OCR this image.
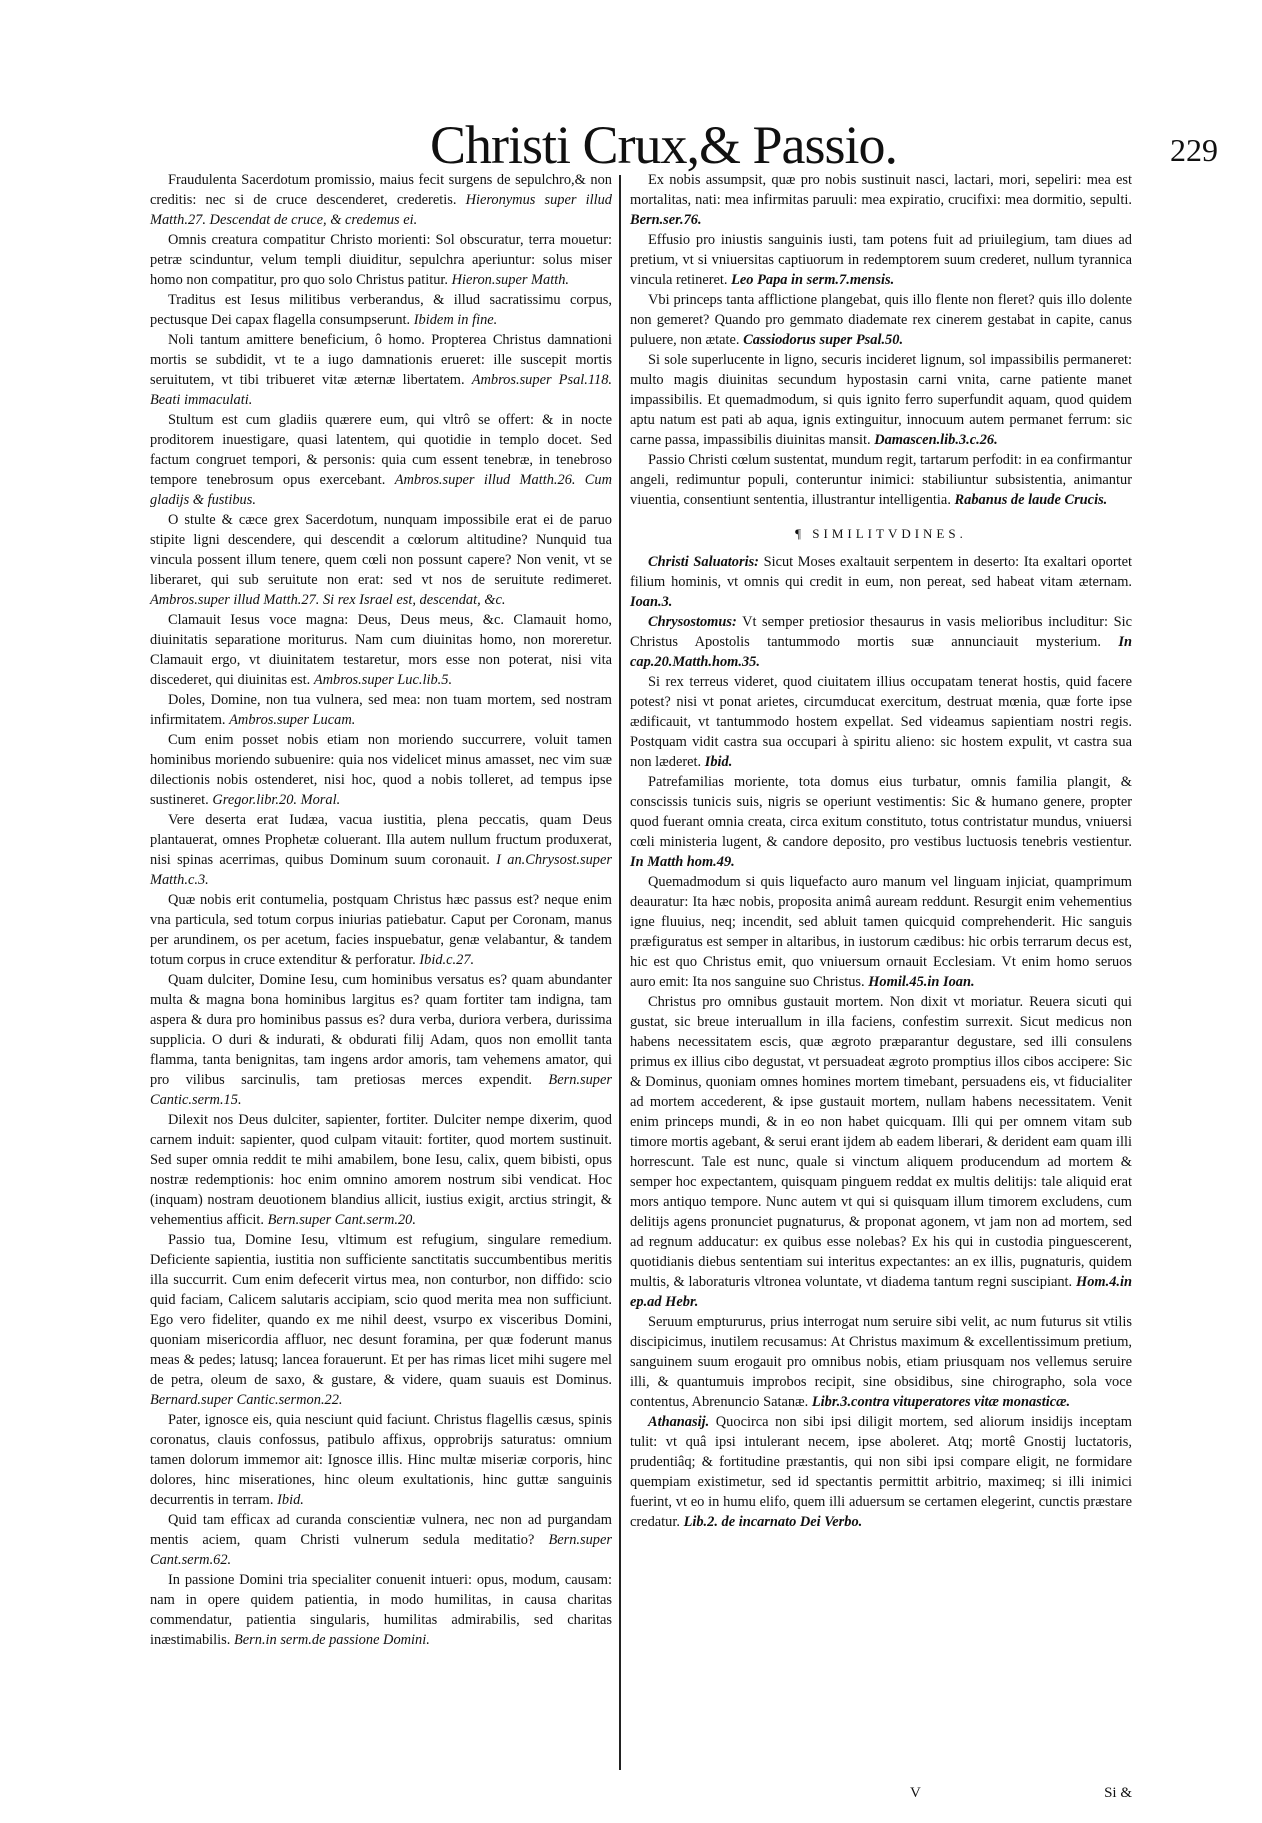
Christi Crux,& Passio.	229

Fraudulenta Sacerdotum promissio, maius fecit surgens de sepulchro,& non creditis: nec si de cruce descenderet, crederetis. Hieronymus super illud Matth.27. Descendat de cruce, & credemus ei.

Omnis creatura compatitur Christo morienti: Sol obscuratur, terra mouetur: petræ scinduntur, velum templi diuiditur, sepulchra aperiuntur: solus miser homo non compatitur, pro quo solo Christus patitur. Hieron.super Matth.

Traditus est Iesus militibus verberandus, & illud sacratissimu corpus, pectusque Dei capax flagella consumpserunt. Ibidem in fine.

Noli tantum amittere beneficium, ô homo. Propterea Christus damnationi mortis se subdidit, vt te a iugo damnationis erueret: ille suscepit mortis seruitutem, vt tibi tribueret vitæ æternæ libertatem. Ambros.super Psal.118. Beati immaculati.

Stultum est cum gladiis quærere eum, qui vltrô se offert: & in nocte proditorem inuestigare, quasi latentem, qui quotidie in templo docet. Sed factum congruet tempori, & personis: quia cum essent tenebræ, in tenebroso tempore tenebrosum opus exercebant. Ambros.super illud Matth.26. Cum gladijs & fustibus.

O stulte & cæce grex Sacerdotum, nunquam impossibile erat ei de paruo stipite ligni descendere, qui descendit a cœlorum altitudine? Nunquid tua vincula possent illum tenere, quem cœli non possunt capere? Non venit, vt se liberaret, qui sub seruitute non erat: sed vt nos de seruitute redimeret. Ambros.super illud Matth.27. Si rex Israel est, descendat, &c.

Clamauit Iesus voce magna: Deus, Deus meus, &c. Clamauit homo, diuinitatis separatione moriturus. Nam cum diuinitas homo, non moreretur. Clamauit ergo, vt diuinitatem testaretur, mors esse non poterat, nisi vita discederet, qui diuinitas est. Ambros.super Luc.lib.5.

Doles, Domine, non tua vulnera, sed mea: non tuam mortem, sed nostram infirmitatem. Ambros.super Lucam.

Cum enim posset nobis etiam non moriendo succurrere, voluit tamen hominibus moriendo subuenire: quia nos videlicet minus amasset, nec vim suæ dilectionis nobis ostenderet, nisi hoc, quod a nobis tolleret, ad tempus ipse sustineret. Gregor.libr.20. Moral.

Vere deserta erat Iudæa, vacua iustitia, plena peccatis, quam Deus plantauerat, omnes Prophetæ coluerant. Illa autem nullum fructum produxerat, nisi spinas acerrimas, quibus Dominum suum coronauit. I an.Chrysost.super Matth.c.3.

Quæ nobis erit contumelia, postquam Christus hæc passus est? neque enim vna particula, sed totum corpus iniurias patiebatur. Caput per Coronam, manus per arundinem, os per acetum, facies inspuebatur, genæ velabantur, & tandem totum corpus in cruce extenditur & perforatur. Ibid.c.27.

Quam dulciter, Domine Iesu, cum hominibus versatus es? quam abundanter multa & magna bona hominibus largitus es? quam fortiter tam indigna, tam aspera & dura pro hominibus passus es? dura verba, duriora verbera, durissima supplicia. O duri & indurati, & obdurati filij Adam, quos non emollit tanta flamma, tanta benignitas, tam ingens ardor amoris, tam vehemens amator, qui pro vilibus sarcinulis, tam pretiosas merces expendit. Bern.super Cantic.serm.15.

Dilexit nos Deus dulciter, sapienter, fortiter. Dulciter nempe dixerim, quod carnem induit: sapienter, quod culpam vitauit: fortiter, quod mortem sustinuit. Sed super omnia reddit te mihi amabilem, bone Iesu, calix, quem bibisti, opus nostræ redemptionis: hoc enim omnino amorem nostrum sibi vendicat. Hoc (inquam) nostram deuotionem blandius allicit, iustius exigit, arctius stringit, & vehementius afficit. Bern.super Cant.serm.20.

Passio tua, Domine Iesu, vltimum est refugium, singulare remedium. Deficiente sapientia, iustitia non sufficiente sanctitatis succumbentibus meritis illa succurrit. Cum enim defecerit virtus mea, non conturbor, non diffido: scio quid faciam, Calicem salutaris accipiam, scio quod merita mea non sufficiunt. Ego vero fideliter, quando ex me nihil deest, vsurpo ex visceribus Domini, quoniam misericordia affluor, nec desunt foramina, per quæ foderunt manus meas & pedes; latusq; lancea forauerunt. Et per has rimas licet mihi sugere mel de petra, oleum de saxo, & gustare, & videre, quam suauis est Dominus. Bernard.super Cantic.sermon.22.

Pater, ignosce eis, quia nesciunt quid faciunt. Christus flagellis cæsus, spinis coronatus, clauis confossus, patibulo affixus, opprobrijs saturatus: omnium tamen dolorum immemor ait: Ignosce illis. Hinc multæ miseriæ corporis, hinc dolores, hinc miserationes, hinc oleum exultationis, hinc guttæ sanguinis decurrentis in terram. Ibid.

Quid tam efficax ad curanda conscientiæ vulnera, nec non ad purgandam mentis aciem, quam Christi vulnerum sedula meditatio? Bern.super Cant.serm.62.

In passione Domini tria specialiter conuenit intueri: opus, modum, causam: nam in opere quidem patientia, in modo humilitas, in causa charitas commendatur, patientia singularis, humilitas admirabilis, sed charitas inæstimabilis. Bern.in serm.de passione Domini.

Ex nobis assumpsit, quæ pro nobis sustinuit nasci, lactari, mori, sepeliri: mea est mortalitas, nati: mea infirmitas paruuli: mea expiratio, crucifixi: mea dormitio, sepulti. Bern.ser.76.

Effusio pro iniustis sanguinis iusti, tam potens fuit ad priuilegium, tam diues ad pretium, vt si vniuersitas captiuorum in redemptorem suum crederet, nullum tyrannica vincula retineret. Leo Papa in serm.7.mensis.

Vbi princeps tanta afflictione plangebat, quis illo flente non fleret? quis illo dolente non gemeret? Quando pro gemmato diademate rex cinerem gestabat in capite, canus puluere, non ætate. Cassiodorus super Psal.50.

Si sole superlucente in ligno, securis incideret lignum, sol impassibilis permaneret: multo magis diuinitas secundum hypostasin carni vnita, carne patiente manet impassibilis. Et quemadmodum, si quis ignito ferro superfundit aquam, quod quidem aptu natum est pati ab aqua, ignis extinguitur, innocuum autem permanet ferrum: sic carne passa, impassibilis diuinitas mansit. Damascen.lib.3.c.26.

Passio Christi cœlum sustentat, mundum regit, tartarum perfodit: in ea confirmantur angeli, redimuntur populi, conteruntur inimici: stabiliuntur subsistentia, animantur viuentia, consentiunt sententia, illustrantur intelligentia. Rabanus de laude Crucis.

¶ SIMILITVDINES.

Christi Saluatoris: Sicut Moses exaltauit serpentem in deserto: Ita exaltari oportet filium hominis, vt omnis qui credit in eum, non pereat, sed habeat vitam æternam. Ioan.3.

Chrysostomus: Vt semper pretiosior thesaurus in vasis melioribus includitur: Sic Christus Apostolis tantummodo mortis suæ annunciauit mysterium. In cap.20.Matth.hom.35.

Si rex terreus videret, quod ciuitatem illius occupatam tenerat hostis, quid facere potest? nisi vt ponat arietes, circumducat exercitum, destruat mœnia, quæ forte ipse ædificauit, vt tantummodo hostem expellat. Sed videamus sapientiam nostri regis. Postquam vidit castra sua occupari à spiritu alieno: sic hostem expulit, vt castra sua non læderet. Ibid.

Patrefamilias moriente, tota domus eius turbatur, omnis familia plangit, & conscissis tunicis suis, nigris se operiunt vestimentis: Sic & humano genere, propter quod fuerant omnia creata, circa exitum constituto, totus contristatur mundus, vniuersi cœli ministeria lugent, & candore deposito, pro vestibus luctuosis tenebris vestientur. In Matth hom.49.

Quemadmodum si quis liquefacto auro manum vel linguam injiciat, quamprimum deauratur: Ita hæc nobis, proposita animâ auream reddunt. Resurgit enim vehementius igne fluuius, neq; incendit, sed abluit tamen quicquid comprehenderit. Hic sanguis præfiguratus est semper in altaribus, in iustorum cædibus: hic orbis terrarum decus est, hic est quo Christus emit, quo vniuersum ornauit Ecclesiam. Vt enim homo seruos auro emit: Ita nos sanguine suo Christus. Homil.45.in Ioan.

Christus pro omnibus gustauit mortem. Non dixit vt moriatur. Reuera sicuti qui gustat, sic breue interuallum in illa faciens, confestim surrexit. Sicut medicus non habens necessitatem escis, quæ ægroto præparantur degustare, sed illi consulens primus ex illius cibo degustat, vt persuadeat ægroto promptius illos cibos accipere: Sic & Dominus, quoniam omnes homines mortem timebant, persuadens eis, vt fiducialiter ad mortem accederent, & ipse gustauit mortem, nullam habens necessitatem. Venit enim princeps mundi, & in eo non habet quicquam. Illi qui per omnem vitam sub timore mortis agebant, & serui erant ijdem ab eadem liberari, & derident eam quam illi horrescunt. Tale est nunc, quale si vinctum aliquem producendum ad mortem & semper hoc expectantem, quisquam pinguem reddat ex multis delitijs: tale aliquid erat mors antiquo tempore. Nunc autem vt qui si quisquam illum timorem excludens, cum delitijs agens pronunciet pugnaturus, & proponat agonem, vt jam non ad mortem, sed ad regnum adducatur: ex quibus esse nolebas? Ex his qui in custodia pinguescerent, quotidianis diebus sententiam sui interitus expectantes: an ex illis, pugnaturis, quidem multis, & laboraturis vltronea voluntate, vt diadema tantum regni suscipiant. Hom.4.in ep.ad Hebr.

Seruum emptururus, prius interrogat num seruire sibi velit, ac num futurus sit vtilis discipicimus, inutilem recusamus: At Christus maximum & excellentissimum pretium, sanguinem suum erogauit pro omnibus nobis, etiam priusquam nos vellemus seruire illi, & quantumuis improbos recipit, sine obsidibus, sine chirographo, sola voce contentus, Abrenuncio Satanæ. Libr.3.contra vituperatores vitæ monasticæ.

Athanasij. Quocirca non sibi ipsi diligit mortem, sed aliorum insidijs inceptam tulit: vt quâ ipsi intulerant necem, ipse aboleret. Atq; mortê Gnostij luctatoris, prudentiâq; & fortitudine præstantis, qui non sibi ipsi compare eligit, ne formidare quempiam existimetur, sed id spectantis permittit arbitrio, maximeq; si illi inimici fuerint, vt eo in humu elifo, quem illi aduersum se certamen elegerint, cunctis præstare credatur. Lib.2. de incarnato Dei Verbo.

V	Si &
